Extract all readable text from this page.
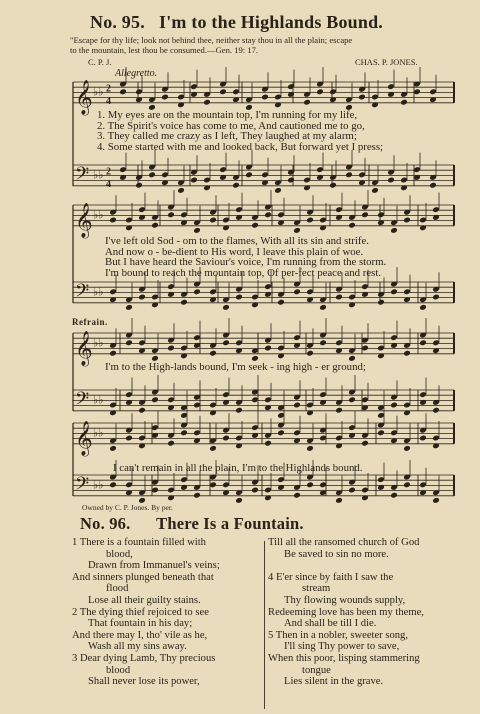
No. 95. I'm to the Highlands Bound.
"Escape for thy life; look not behind thee, neither stay thou in all the plain; escape
to the mountain, lest thou be consumed.—Gen. 19: 17.
C. P. J.	CHAS. P. JONES.
Allegretto.
𝄞 ♭♭ 2
4
𝄢 ♭♭ 2
4
𝄞 ♭♭
𝄢 ♭♭
𝄞 ♭♭
𝄢 ♭♭
𝄞 ♭♭
𝄢 ♭♭
1. My eyes are on the mountain top, I'm running for my life,
2. The Spirit's voice has come to me, And cautioned me to go,
3. They called me crazy as I left, They laughed at my alarm;
4. Some started with me and looked back, But forward yet I press;
I've left old Sod - om to the flames, With all its sin and strife.
And now o - be-dient to His word, I leave this plain of woe.
But I have heard the Saviour's voice, I'm running from the storm.
I'm bound to reach the mountain top, Of per-fect peace and rest.
Refrain.
I'm to the High-lands bound, I'm seek - ing high - er ground;
I can't remain in all the plain, I'm to the Highlands bound.
Owned by C. P. Jones. By per.
No. 96. There Is a Fountain.
1 There is a fountain filled with
blood,
Drawn from Immanuel's veins;
And sinners plunged beneath that
flood
Lose all their guilty stains.
2 The dying thief rejoiced to see
That fountain in his day;
And there may I, tho' vile as he,
Wash all my sins away.
3 Dear dying Lamb, Thy precious
blood
Shall never lose its power,
Till all the ransomed church of God
Be saved to sin no more.

4 E'er since by faith I saw the
stream
Thy flowing wounds supply,
Redeeming love has been my theme,
And shall be till I die.
5 Then in a nobler, sweeter song,
I'll sing Thy power to save,
When this poor, lisping stammering
tongue
Lies silent in the grave.
